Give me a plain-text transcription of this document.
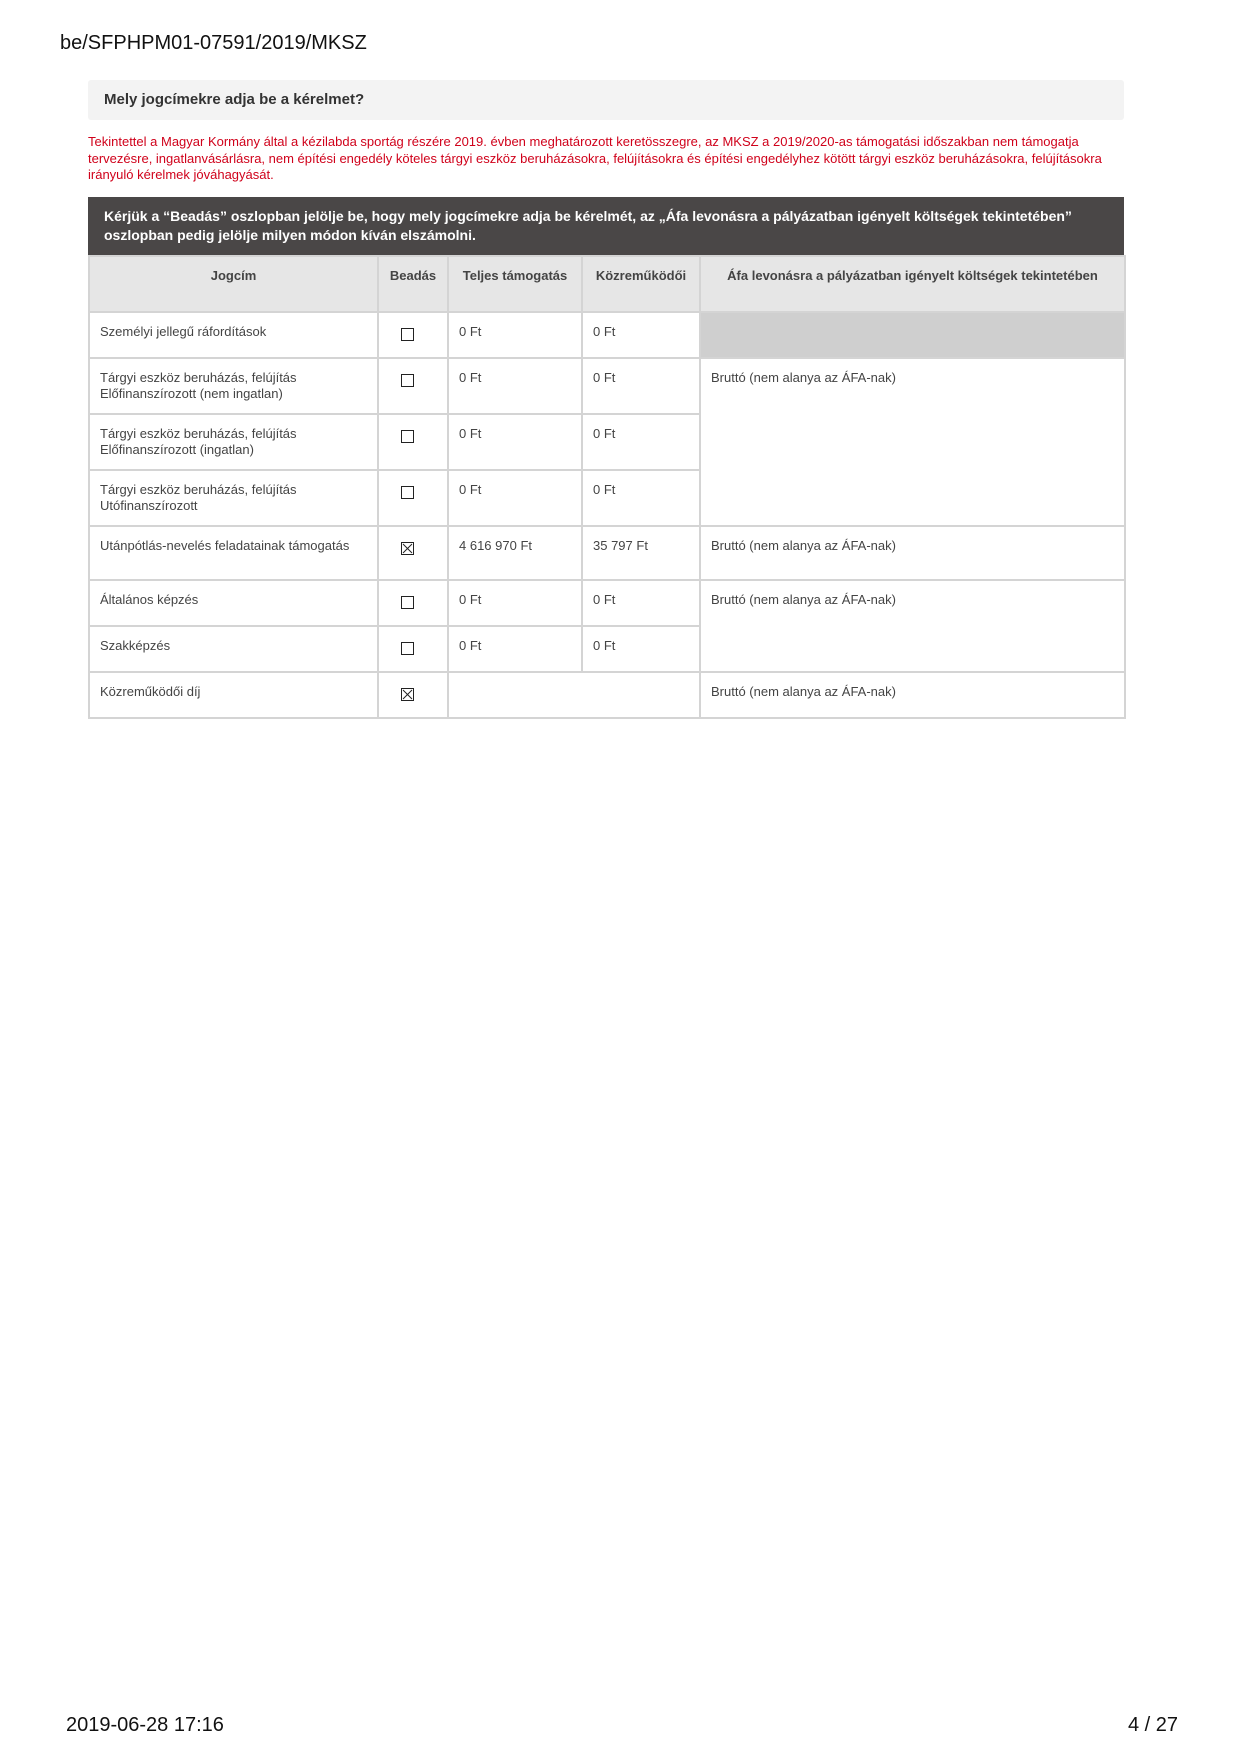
be/SFPHPM01-07591/2019/MKSZ
Mely jogcímekre adja be a kérelmet?
Tekintettel a Magyar Kormány által a kézilabda sportág részére 2019. évben meghatározott keretösszegre, az MKSZ a 2019/2020-as támogatási időszakban nem támogatja tervezésre, ingatlanvásárlásra, nem építési engedély köteles tárgyi eszköz beruházásokra, felújításokra és építési engedélyhez kötött tárgyi eszköz beruházásokra, felújításokra irányuló kérelmek jóváhagyását.
Kérjük a “Beadás” oszlopban jelölje be, hogy mely jogcímekre adja be kérelmét, az „Áfa levonásra a pályázatban igényelt költségek tekintetében” oszlopban pedig jelölje milyen módon kíván elszámolni.
Jogcím	Beadás	Teljes támogatás	Közreműködői	Áfa levonásra a pályázatban igényelt költségek tekintetében
Személyi jellegű ráfordítások		0 Ft	0 Ft	
Tárgyi eszköz beruházás, felújítás Előfinanszírozott (nem ingatlan)		0 Ft	0 Ft	Bruttó (nem alanya az ÁFA-nak)
Tárgyi eszköz beruházás, felújítás Előfinanszírozott (ingatlan)		0 Ft	0 Ft	
Tárgyi eszköz beruházás, felújítás Utófinanszírozott		0 Ft	0 Ft	
Utánpótlás-nevelés feladatainak támogatás		4 616 970 Ft	35 797 Ft	Bruttó (nem alanya az ÁFA-nak)
Általános képzés		0 Ft	0 Ft	Bruttó (nem alanya az ÁFA-nak)
Szakképzés		0 Ft	0 Ft	
Közreműködői díj				Bruttó (nem alanya az ÁFA-nak)
2019-06-28 17:16	4 / 27
